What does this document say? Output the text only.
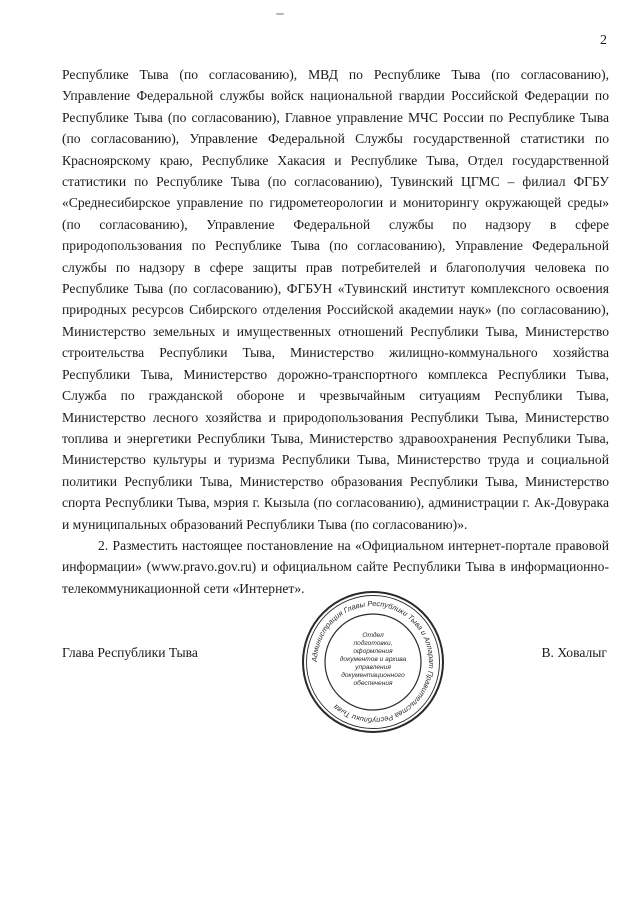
2

Республике Тыва (по согласованию), МВД по Республике Тыва (по согласованию), Управление Федеральной службы войск национальной гвардии Российской Федерации по Республике Тыва (по согласованию), Главное управление МЧС России по Республике Тыва (по согласованию), Управление Федеральной Службы государственной статистики по Красноярскому краю, Республике Хакасия и Республике Тыва, Отдел государственной статистики по Республике Тыва (по согласованию), Тувинский ЦГМС – филиал ФГБУ «Среднесибирское управление по гидрометеорологии и мониторингу окружающей среды» (по согласованию), Управление Федеральной службы по надзору в сфере природопользования по Республике Тыва (по согласованию), Управление Федеральной службы по надзору в сфере защиты прав потребителей и благополучия человека по Республике Тыва (по согласованию), ФГБУН «Тувинский институт комплексного освоения природных ресурсов Сибирского отделения Российской академии наук» (по согласованию), Министерство земельных и имущественных отношений Республики Тыва, Министерство строительства Республики Тыва, Министерство жилищно-коммунального хозяйства Республики Тыва, Министерство дорожно-транспортного комплекса Республики Тыва, Служба по гражданской обороне и чрезвычайным ситуациям Республики Тыва, Министерство лесного хозяйства и природопользования Республики Тыва, Министерство топлива и энергетики Республики Тыва, Министерство здравоохранения Республики Тыва, Министерство культуры и туризма Республики Тыва, Министерство труда и социальной политики Республики Тыва, Министерство образования Республики Тыва, Министерство спорта Республики Тыва, мэрия г. Кызыла (по согласованию), администрации г. Ак-Довурака и муниципальных образований Республики Тыва (по согласованию)».

2. Разместить настоящее постановление на «Официальном интернет-портале правовой информации» (www.pravo.gov.ru) и официальном сайте Республики Тыва в информационно-телекоммуникационной сети «Интернет».

Глава Республики Тыва	В. Ховалыг
Администрация Главы Республики Тыва и Аппарат Правительства Республики Тыва
Отдел
подготовки,
оформления
документов и архива
управления
документационного
обеспечения
